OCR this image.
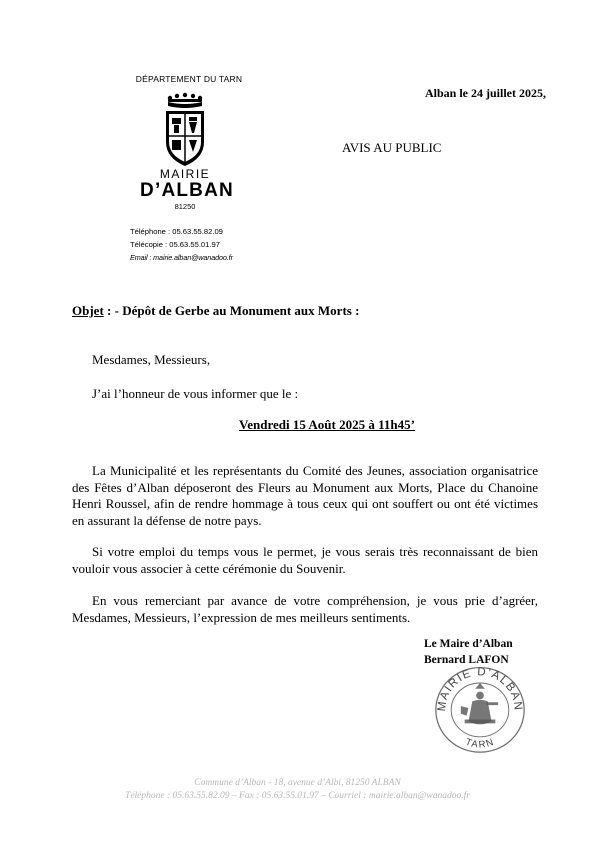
DÉPARTEMENT DU TARN
MAIRIE
D’ALBAN
81250
Téléphone : 05.63.55.82.09
Télécopie : 05.63.55.01.97
Email : mairie.alban@wanadoo.fr
Alban le 24 juillet 2025,
AVIS AU PUBLIC
Objet : - Dépôt de Gerbe au Monument aux Morts :
Mesdames, Messieurs,
J’ai l’honneur de vous informer que le :
Vendredi 15 Août 2025 à 11h45’
La Municipalité et les représentants du Comité des Jeunes, association organisatrice des Fêtes d’Alban déposeront des Fleurs au Monument aux Morts, Place du Chanoine Henri Roussel, afin de rendre hommage à tous ceux qui ont souffert ou ont été victimes en assurant la défense de notre pays.
Si votre emploi du temps vous le permet, je vous serais très reconnaissant de bien vouloir vous associer à cette cérémonie du Souvenir.
En vous remerciant par avance de votre compréhension, je vous prie d’agréer, Mesdames, Messieurs, l’expression de mes meilleurs sentiments.
Le Maire d’Alban
Bernard LAFON
MAIRIE D’ALBAN
TARN
Commune d’Alban - 18, avenue d’Albi, 81250 ALBAN
Téléphone : 05.63.55.82.09 – Fax : 05.63.55.01.97 – Courriel : mairie.alban@wanadoo.fr
